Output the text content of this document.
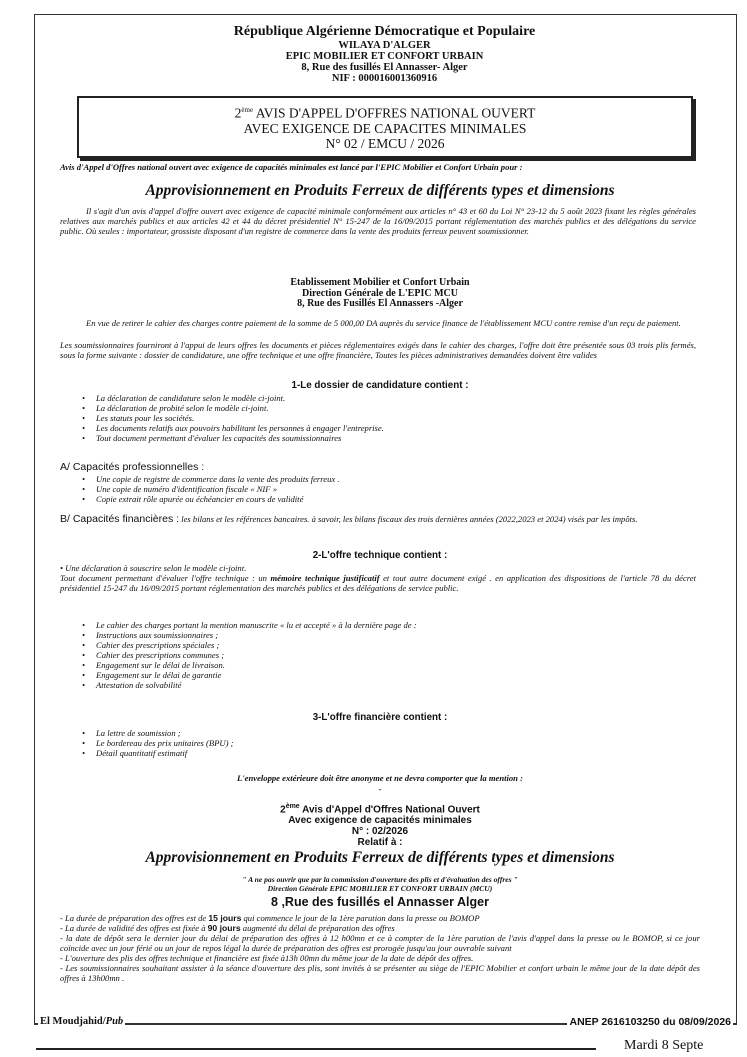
République Algérienne Démocratique et Populaire
WILAYA D'ALGER
EPIC MOBILIER ET CONFORT URBAIN
8, Rue des fusillés El Annasser- Alger
NIF : 000016001360916
2ème AVIS D'APPEL D'OFFRES NATIONAL OUVERT
AVEC EXIGENCE DE CAPACITES MINIMALES
N° 02 / EMCU / 2026
Avis d'Appel d'Offres national ouvert avec exigence de capacités minimales est lancé par l'EPIC Mobilier et Confort Urbain pour :
Approvisionnement en Produits Ferreux de différents types et dimensions
Il s'agit d'un avis d'appel d'offre ouvert avec exigence de capacité minimale conformément aux articles n° 43 et 60 du Loi N° 23-12 du 5 août 2023 fixant les règles générales relatives aux marchés publics et aux articles 42 et 44 du décret présidentiel N° 15-247 de la 16/09/2015 portant réglementation des marchés publics et des délégations du service public. Où seules : importateur, grossiste disposant d'un registre de commerce dans la vente des produits ferreux peuvent soumissionner.
Etablissement Mobilier et Confort Urbain
Direction Générale de L'EPIC MCU
8, Rue des Fusillés El Annassers -Alger
En vue de retirer le cahier des charges contre paiement de la somme de 5 000,00 DA auprès du service finance de l'établissement MCU contre remise d'un reçu de paiement.
Les soumissionnaires fourniront à l'appui de leurs offres les documents et pièces réglementaires exigés dans le cahier des charges, l'offre doit être présentée sous 03 trois plis fermés, sous la forme suivante : dossier de candidature, une offre technique et une offre financière, Toutes les pièces administratives demandées doivent être valides
1-Le dossier de candidature contient :
• La déclaration de candidature selon le modèle ci-joint.
• La déclaration de probité selon le modèle ci-joint.
• Les statuts pour les sociétés.
• Les documents relatifs aux pouvoirs habilitant les personnes à engager l'entreprise.
• Tout document permettant d'évaluer les capacités des soumissionnaires
A/ Capacités professionnelles :
• Une copie de registre de commerce dans la vente des produits ferreux .
• Une copie de numéro d'identification fiscale « NIF »
• Copie extrait rôle apurée ou échéancier en cours de validité
B/ Capacités financières : les bilans et les références bancaires. à savoir, les bilans fiscaux des trois dernières années (2022,2023 et 2024) visés par les impôts.
2-L'offre technique contient :
• Une déclaration à souscrire selon le modèle ci-joint.
Tout document permettant d'évaluer l'offre technique : un mémoire technique justificatif et tout autre document exigé . en application des dispositions de l'article 78 du décret présidentiel 15-247 du 16/09/2015 portant réglementation des marchés publics et des délégations de service public.
• Le cahier des charges portant la mention manuscrite « lu et accepté » à la dernière page de :
• Instructions aux soumissionnaires ;
• Cahier des prescriptions spéciales ;
• Cahier des prescriptions communes ;
• Engagement sur le délai de livraison.
• Engagement sur le délai de garantie
• Attestation de solvabilité
3-L'offre financière contient :
• La lettre de soumission ;
• Le bordereau des prix unitaires (BPU) ;
• Détail quantitatif estimatif
L'enveloppe extérieure doit être anonyme et ne devra comporter que la mention :
-
2ème Avis d'Appel d'Offres National Ouvert
Avec exigence de capacités minimales
N° : 02/2026
Relatif à :
Approvisionnement en Produits Ferreux de différents types et dimensions
" A ne pas ouvrir que par la commission d'ouverture des plis et d'évaluation des offres "
Direction Générale EPIC MOBILIER ET CONFORT URBAIN (MCU)
8 ,Rue des fusillés el Annasser Alger
- La durée de préparation des offres est de 15 jours qui commence le jour de la 1ère parution dans la presse ou BOMOP
- La durée de validité des offres est fixée à 90 jours augmenté du délai de préparation des offres
- la date de dépôt sera le dernier jour du délai de préparation des offres à 12 h00mn et ce à compter de la 1ère parution de l'avis d'appel dans la presse ou le BOMOP, si ce jour coïncide avec un jour férié ou un jour de repos légal la durée de préparation des offres est prorogée jusqu'au jour ouvrable suivant
- L'ouverture des plis des offres technique et financière est fixée à13h 00mn du même jour de la date de dépôt des offres.
- Les soumissionnaires souhaitant assister à la séance d'ouverture des plis, sont invités à se présenter au siège de l'EPIC Mobilier et confort urbain le même jour de la date dépôt des offres à 13h00mn .
El Moudjahid/Pub	ANEP 2616103250 du 08/09/2026
Mardi 8 Septe
